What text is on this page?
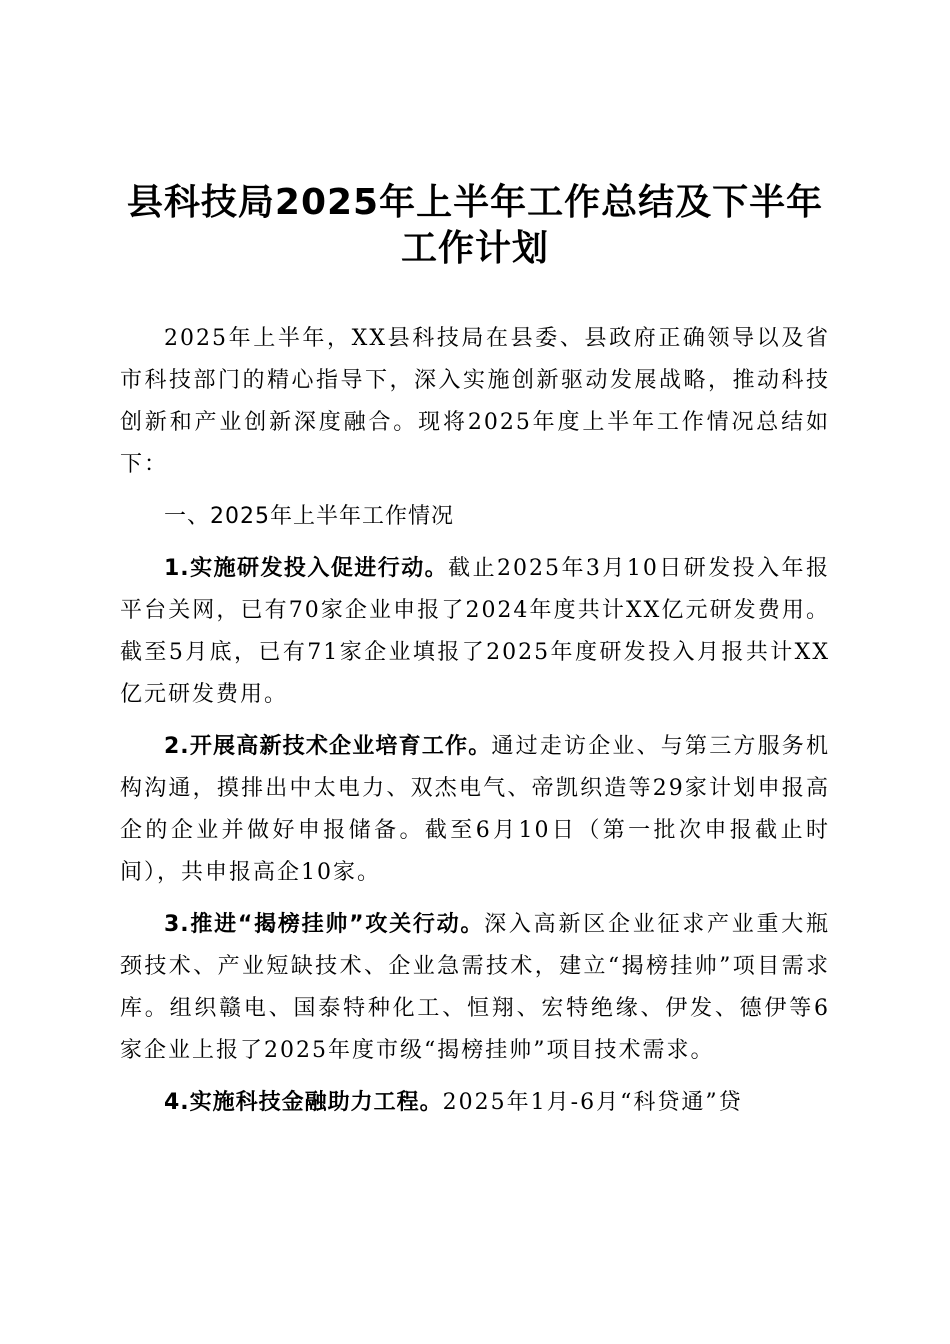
县科技局2025年上半年工作总结及下半年工作计划

2025年上半年，XX县科技局在县委、县政府正确领导以及省市科技部门的精心指导下，深入实施创新驱动发展战略，推动科技创新和产业创新深度融合。现将2025年度上半年工作情况总结如下：

一、2025年上半年工作情况

1.实施研发投入促进行动。截止2025年3月10日研发投入年报平台关网，已有70家企业申报了2024年度共计XX亿元研发费用。截至5月底，已有71家企业填报了2025年度研发投入月报共计XX亿元研发费用。

2.开展高新技术企业培育工作。通过走访企业、与第三方服务机构沟通，摸排出中太电力、双杰电气、帝凯织造等29家计划申报高企的企业并做好申报储备。截至6月10日（第一批次申报截止时间），共申报高企10家。

3.推进“揭榜挂帅”攻关行动。深入高新区企业征求产业重大瓶颈技术、产业短缺技术、企业急需技术，建立“揭榜挂帅”项目需求库。组织赣电、国泰特种化工、恒翔、宏特绝缘、伊发、德伊等6家企业上报了2025年度市级“揭榜挂帅”项目技术需求。

4.实施科技金融助力工程。2025年1月-6月“科贷通”贷
